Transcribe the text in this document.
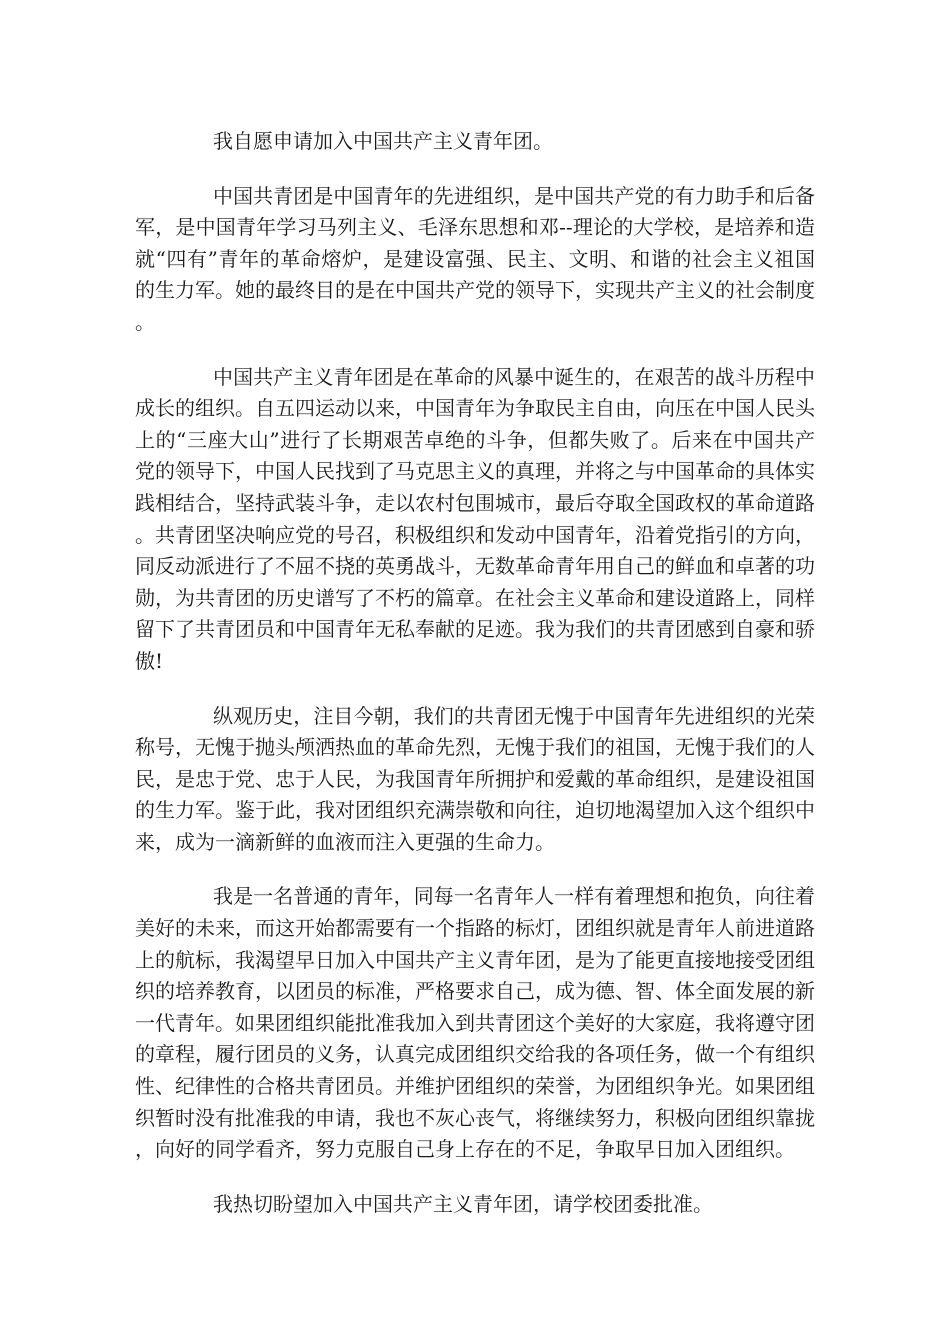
我自愿申请加入中国共产主义青年团。

中国共青团是中国青年的先进组织，是中国共产党的有力助手和后备军，是中国青年学习马列主义、毛泽东思想和邓--理论的大学校，是培养和造就“四有”青年的革命熔炉，是建设富强、民主、文明、和谐的社会主义祖国的生力军。她的最终目的是在中国共产党的领导下，实现共产主义的社会制度。

中国共产主义青年团是在革命的风暴中诞生的，在艰苦的战斗历程中成长的组织。自五四运动以来，中国青年为争取民主自由，向压在中国人民头上的“三座大山”进行了长期艰苦卓绝的斗争，但都失败了。后来在中国共产党的领导下，中国人民找到了马克思主义的真理，并将之与中国革命的具体实践相结合，坚持武装斗争，走以农村包围城市，最后夺取全国政权的革命道路。共青团坚决响应党的号召，积极组织和发动中国青年，沿着党指引的方向，同反动派进行了不屈不挠的英勇战斗，无数革命青年用自己的鲜血和卓著的功勋，为共青团的历史谱写了不朽的篇章。在社会主义革命和建设道路上，同样留下了共青团员和中国青年无私奉献的足迹。我为我们的共青团感到自豪和骄傲!

纵观历史，注目今朝，我们的共青团无愧于中国青年先进组织的光荣称号，无愧于抛头颅洒热血的革命先烈，无愧于我们的祖国，无愧于我们的人民，是忠于党、忠于人民，为我国青年所拥护和爱戴的革命组织，是建设祖国的生力军。鉴于此，我对团组织充满崇敬和向往，迫切地渴望加入这个组织中来，成为一滴新鲜的血液而注入更强的生命力。

我是一名普通的青年，同每一名青年人一样有着理想和抱负，向往着美好的未来，而这开始都需要有一个指路的标灯，团组织就是青年人前进道路上的航标，我渴望早日加入中国共产主义青年团，是为了能更直接地接受团组织的培养教育，以团员的标准，严格要求自己，成为德、智、体全面发展的新一代青年。如果团组织能批准我加入到共青团这个美好的大家庭，我将遵守团的章程，履行团员的义务，认真完成团组织交给我的各项任务，做一个有组织性、纪律性的合格共青团员。并维护团组织的荣誉，为团组织争光。如果团组织暂时没有批准我的申请，我也不灰心丧气，将继续努力，积极向团组织靠拢，向好的同学看齐，努力克服自己身上存在的不足，争取早日加入团组织。

我热切盼望加入中国共产主义青年团，请学校团委批准。
